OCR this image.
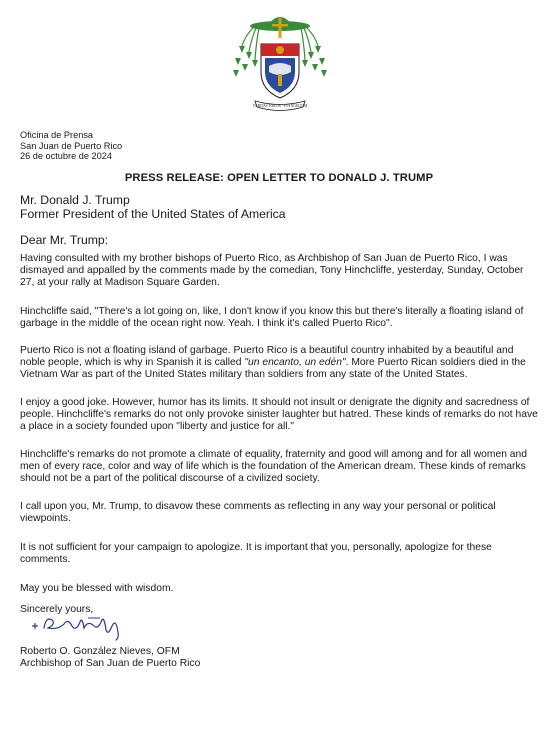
VERITAS FORTIS · EVANGELIUM
Oficina de Prensa
San Juan de Puerto Rico
26 de octubre de 2024
PRESS RELEASE: OPEN LETTER TO DONALD J. TRUMP
Mr. Donald J. Trump
Former President of the United States of America
Dear Mr. Trump:

Having consulted with my brother bishops of Puerto Rico, as Archbishop of San Juan de Puerto Rico, I was dismayed and appalled by the comments made by the comedian, Tony Hinchcliffe, yesterday, Sunday, October 27, at your rally at Madison Square Garden.

Hinchcliffe said, "There's a lot going on, like, I don't know if you know this but there's literally a floating island of garbage in the middle of the ocean right now. Yeah. I think it's called Puerto Rico".

Puerto Rico is not a floating island of garbage. Puerto Rico is a beautiful country inhabited by a beautiful and noble people, which is why in Spanish it is called "un encanto, un edén". More Puerto Rican soldiers died in the Vietnam War as part of the United States military than soldiers from any state of the United States.

I enjoy a good joke. However, humor has its limits. It should not insult or denigrate the dignity and sacredness of people. Hinchcliffe's remarks do not only provoke sinister laughter but hatred. These kinds of remarks do not have a place in a society founded upon "liberty and justice for all."

Hinchcliffe's remarks do not promote a climate of equality, fraternity and good will among and for all women and men of every race, color and way of life which is the foundation of the American dream. These kinds of remarks should not be a part of the political discourse of a civilized society.

I call upon you, Mr. Trump, to disavow these comments as reflecting in any way your personal or political viewpoints.

It is not sufficient for your campaign to apologize. It is important that you, personally, apologize for these comments.

May you be blessed with wisdom.

Sincerely yours,

Roberto O. González Nieves, OFM
Archbishop of San Juan de Puerto Rico
